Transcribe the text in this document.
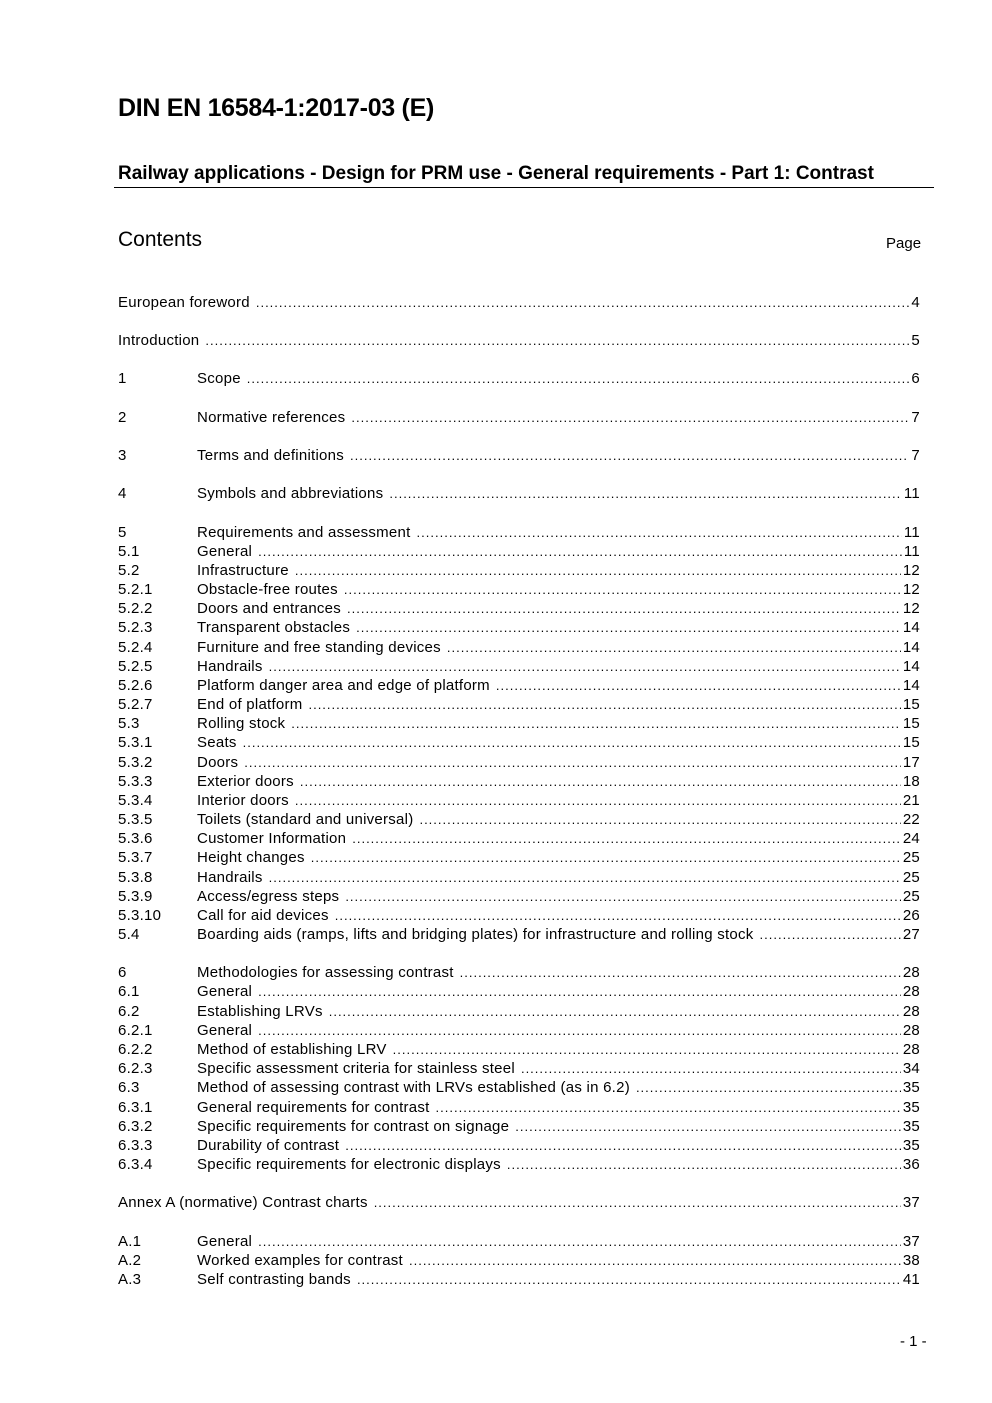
DIN EN 16584-1:2017-03 (E)
Railway applications - Design for PRM use - General requirements - Part 1: Contrast
Contents	Page
European foreword .....	4
Introduction .....	5
1	Scope .....	6
2	Normative references .....	7
3	Terms and definitions .....	7
4	Symbols and abbreviations .....	11
5	Requirements and assessment .....	11
5.1	General .....	11
5.2	Infrastructure .....	12
5.2.1	Obstacle-free routes .....	12
5.2.2	Doors and entrances .....	12
5.2.3	Transparent obstacles .....	14
5.2.4	Furniture and free standing devices .....	14
5.2.5	Handrails .....	14
5.2.6	Platform danger area and edge of platform .....	14
5.2.7	End of platform .....	15
5.3	Rolling stock .....	15
5.3.1	Seats .....	15
5.3.2	Doors .....	17
5.3.3	Exterior doors .....	18
5.3.4	Interior doors .....	21
5.3.5	Toilets (standard and universal) .....	22
5.3.6	Customer Information .....	24
5.3.7	Height changes .....	25
5.3.8	Handrails .....	25
5.3.9	Access/egress steps .....	25
5.3.10	Call for aid devices .....	26
5.4	Boarding aids (ramps, lifts and bridging plates) for infrastructure and rolling stock .....	27
6	Methodologies for assessing contrast .....	28
6.1	General .....	28
6.2	Establishing LRVs .....	28
6.2.1	General .....	28
6.2.2	Method of establishing LRV .....	28
6.2.3	Specific assessment criteria for stainless steel .....	34
6.3	Method of assessing contrast with LRVs established (as in 6.2) .....	35
6.3.1	General requirements for contrast .....	35
6.3.2	Specific requirements for contrast on signage .....	35
6.3.3	Durability of contrast .....	35
6.3.4	Specific requirements for electronic displays .....	36
Annex A (normative) Contrast charts .....	37
A.1	General .....	37
A.2	Worked examples for contrast .....	38
A.3	Self contrasting bands .....	41
- 1 -
